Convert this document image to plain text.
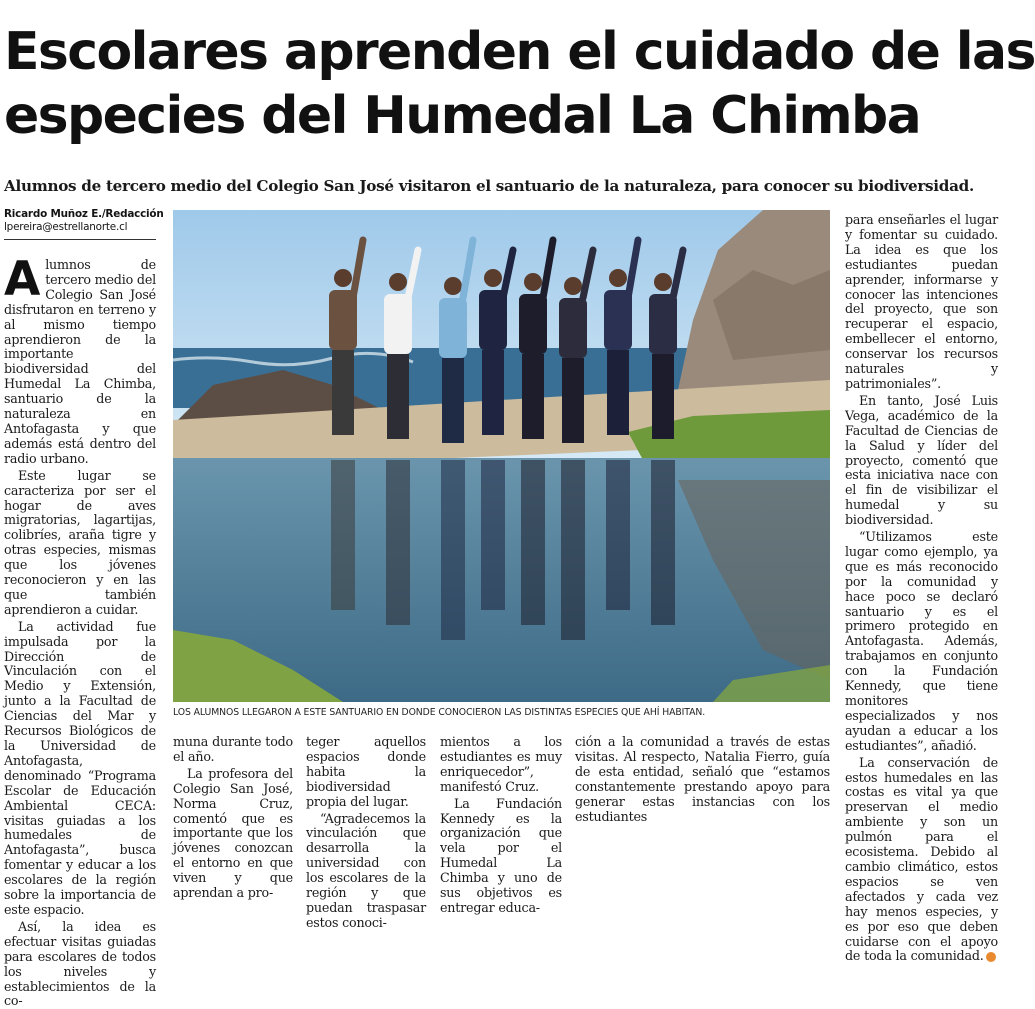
Escolares aprenden el cuidado de las
especies del Humedal La Chimba
Alumnos de tercero medio del Colegio San José visitaron el santuario de la naturaleza, para conocer su biodiversidad.
Ricardo Muñoz E./Redacción
lpereira@estrellanorte.cl

Alumnos de tercero medio del Colegio San José disfrutaron en terreno y al mismo tiempo aprendieron de la importante biodiversidad del Humedal La Chimba, santuario de la naturaleza en Antofagasta y que además está dentro del radio urbano.

Este lugar se caracteriza por ser el hogar de aves migratorias, lagartijas, colibríes, araña tigre y otras especies, mismas que los jóvenes reconocieron y en las que también aprendieron a cuidar.

La actividad fue impulsada por la Dirección de Vinculación con el Medio y Extensión, junto a la Facultad de Ciencias del Mar y Recursos Biológicos de la Universidad de Antofagasta, denominado “Programa Escolar de Educación Ambiental CECA: visitas guiadas a los humedales de Antofagasta”, busca fomentar y educar a los escolares de la región sobre la importancia de este espacio.

Así, la idea es efectuar visitas guiadas para escolares de todos los niveles y establecimientos de la co-

LOS ALUMNOS LLEGARON A ESTE SANTUARIO EN DONDE CONOCIERON LAS DISTINTAS ESPECIES QUE AHÍ HABITAN.

muna durante todo el año.

La profesora del Colegio San José, Norma Cruz, comentó que es importante que los jóvenes conozcan el entorno en que viven y que aprendan a pro-

teger aquellos espacios donde habita la biodiversidad propia del lugar.

“Agradecemos la vinculación que desarrolla la universidad con los escolares de la región y que puedan traspasar estos conoci-

mientos a los estudiantes es muy enriquecedor”, manifestó Cruz.

La Fundación Kennedy es la organización que vela por el Humedal La Chimba y uno de sus objetivos es entregar educa-

ción a la comunidad a través de estas visitas. Al respecto, Natalia Fierro, guía de esta entidad, señaló que “estamos constantemente prestando apoyo para generar estas instancias con los estudiantes

para enseñarles el lugar y fomentar su cuidado. La idea es que los estudiantes puedan aprender, informarse y conocer las intenciones del proyecto, que son recuperar el espacio, embellecer el entorno, conservar los recursos naturales y patrimoniales”.

En tanto, José Luis Vega, académico de la Facultad de Ciencias de la Salud y líder del proyecto, comentó que esta iniciativa nace con el fin de visibilizar el humedal y su biodiversidad.

“Utilizamos este lugar como ejemplo, ya que es más reconocido por la comunidad y hace poco se declaró santuario y es el primero protegido en Antofagasta. Además, trabajamos en conjunto con la Fundación Kennedy, que tiene monitores especializados y nos ayudan a educar a los estudiantes”, añadió.

La conservación de estos humedales en las costas es vital ya que preservan el medio ambiente y son un pulmón para el ecosistema. Debido al cambio climático, estos espacios se ven afectados y cada vez hay menos especies, y es por eso que deben cuidarse con el apoyo de toda la comunidad.
